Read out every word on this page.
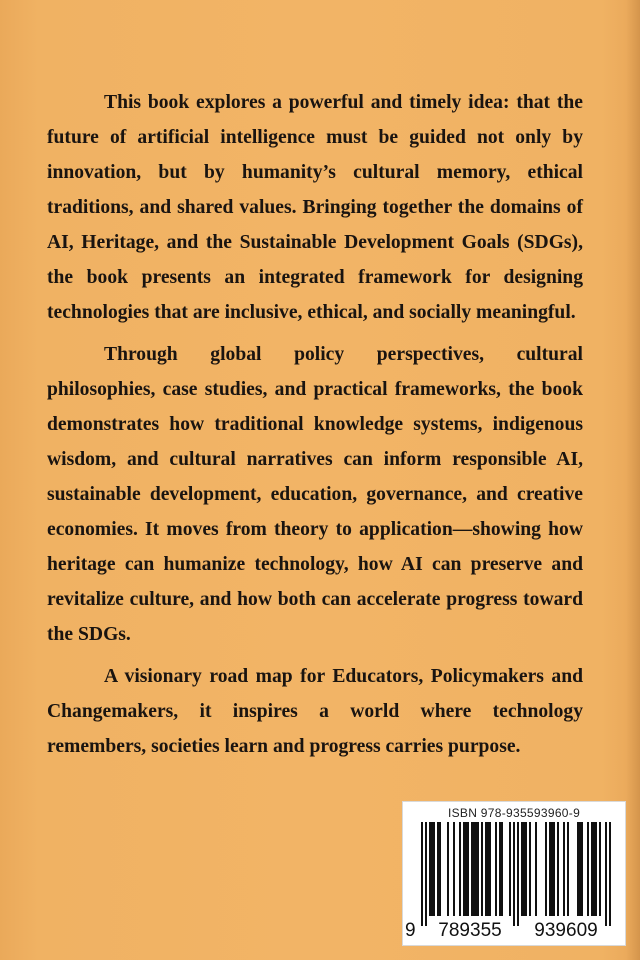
This book explores a powerful and timely idea: that the future of artificial intelligence must be guided not only by innovation, but by humanity’s cultural memory, ethical traditions, and shared values. Bringing together the domains of AI, Heritage, and the Sustainable Development Goals (SDGs), the book presents an integrated framework for designing technologies that are inclusive, ethical, and socially meaningful.

Through global policy perspectives, cultural philosophies, case studies, and practical frameworks, the book demonstrates how traditional knowledge systems, indigenous wisdom, and cultural narratives can inform responsible AI, sustainable development, education, governance, and creative economies. It moves from theory to application—showing how heritage can humanize technology, how AI can preserve and revitalize culture, and how both can accelerate progress toward the SDGs.

A visionary road map for Educators, Policymakers and Changemakers, it inspires a world where technology remembers, societies learn and progress carries purpose.

ISBN 978-935593960-9
9 789355 939609
